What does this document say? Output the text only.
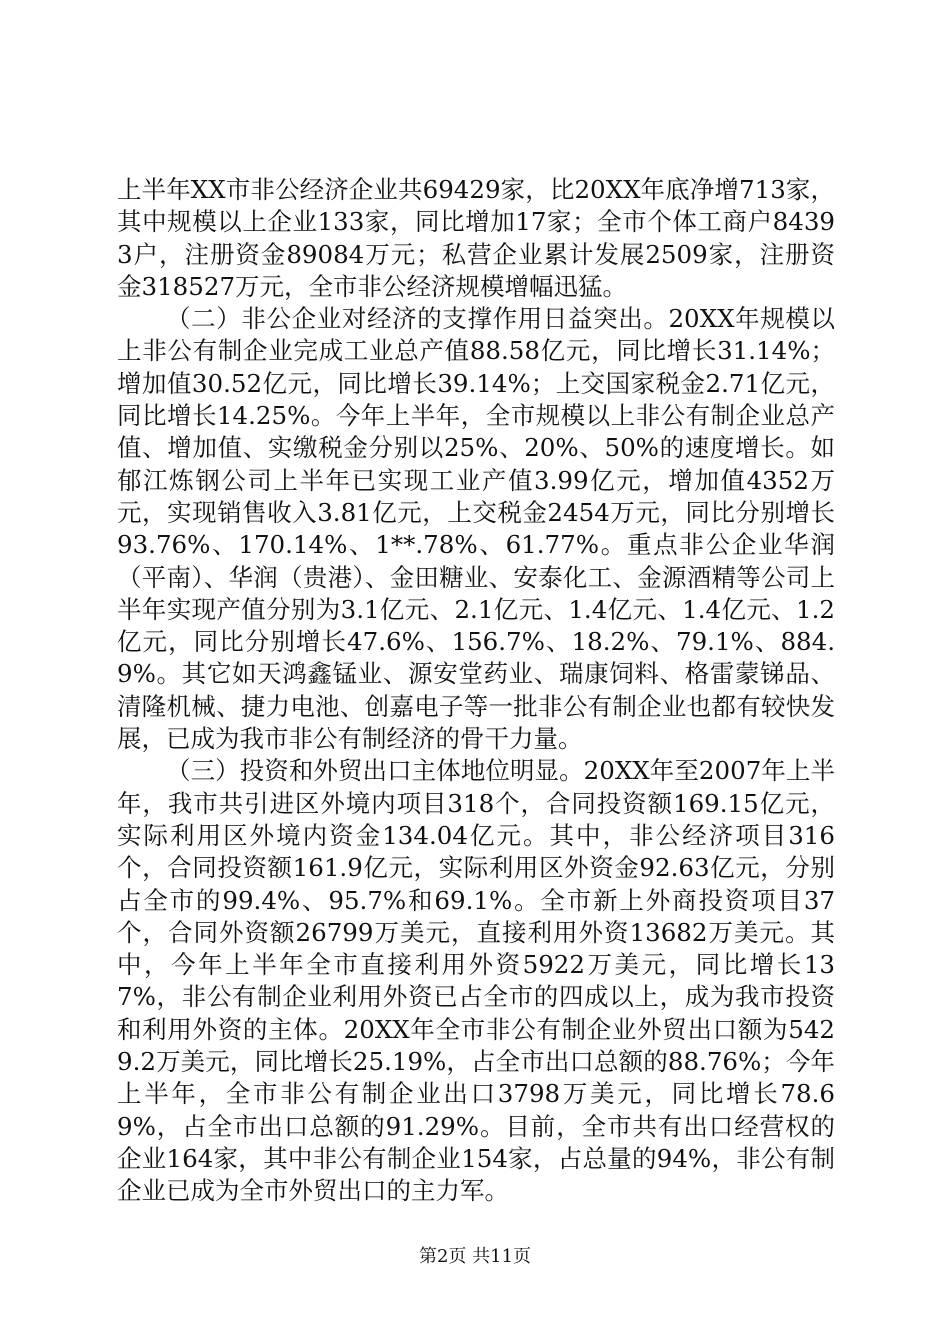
上半年XX市非公经济企业共69429家，比20XX年底净增713家，其中规模以上企业133家，同比增加17家；全市个体工商户84393户，注册资金89084万元；私营企业累计发展2509家，注册资金318527万元，全市非公经济规模增幅迅猛。

（二）非公企业对经济的支撑作用日益突出。20XX年规模以上非公有制企业完成工业总产值88.58亿元，同比增长31.14%；增加值30.52亿元，同比增长39.14%；上交国家税金2.71亿元，同比增长14.25%。今年上半年，全市规模以上非公有制企业总产值、增加值、实缴税金分别以25%、20%、50%的速度增长。如郁江炼钢公司上半年已实现工业产值3.99亿元，增加值4352万元，实现销售收入3.81亿元，上交税金2454万元，同比分别增长93.76%、170.14%、1**.78%、61.77%。重点非公企业华润（平南）、华润（贵港）、金田糖业、安泰化工、金源酒精等公司上半年实现产值分别为3.1亿元、2.1亿元、1.4亿元、1.4亿元、1.2亿元，同比分别增长47.6%、156.7%、18.2%、79.1%、884.9%。其它如天鸿鑫锰业、源安堂药业、瑞康饲料、格雷蒙锑品、清隆机械、捷力电池、创嘉电子等一批非公有制企业也都有较快发展，已成为我市非公有制经济的骨干力量。

（三）投资和外贸出口主体地位明显。20XX年至2007年上半年，我市共引进区外境内项目318个，合同投资额169.15亿元，实际利用区外境内资金134.04亿元。其中，非公经济项目316个，合同投资额161.9亿元，实际利用区外资金92.63亿元，分别占全市的99.4%、95.7%和69.1%。全市新上外商投资项目37个，合同外资额26799万美元，直接利用外资13682万美元。其中，今年上半年全市直接利用外资5922万美元，同比增长137%，非公有制企业利用外资已占全市的四成以上，成为我市投资和利用外资的主体。20XX年全市非公有制企业外贸出口额为5429.2万美元，同比增长25.19%，占全市出口总额的88.76%；今年上半年，全市非公有制企业出口3798万美元，同比增长78.69%，占全市出口总额的91.29%。目前，全市共有出口经营权的企业164家，其中非公有制企业154家，占总量的94%，非公有制企业已成为全市外贸出口的主力军。

第2页 共11页
